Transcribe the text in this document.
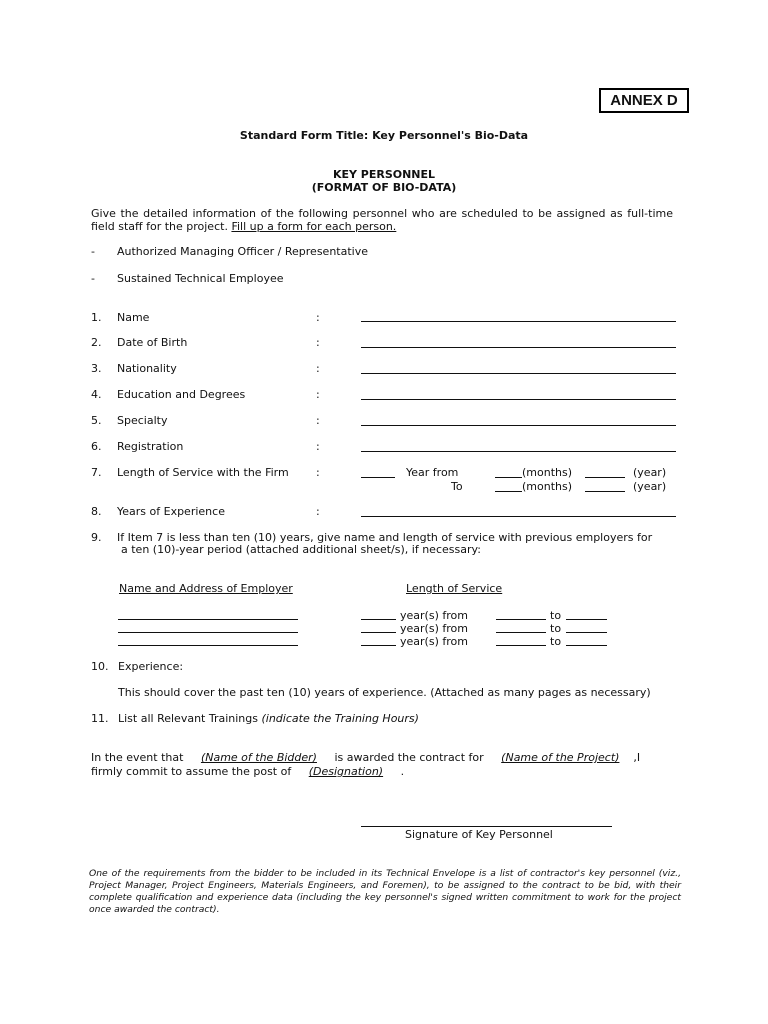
ANNEX D
Standard Form Title: Key Personnel's Bio-Data
KEY PERSONNEL
(FORMAT OF BIO-DATA)
Give the detailed information of the following personnel who are scheduled to be assigned as full-time field staff for the project. Fill up a form for each person.
- Authorized Managing Officer / Representative
- Sustained Technical Employee
1. Name	:
2. Date of Birth	:
3. Nationality	:
4. Education and Degrees	:
5. Specialty	:
6. Registration	:
7. Length of Service with the Firm :	Year from	(months)	(year)
To	(months)	(year)
8. Years of Experience	:
9. If Item 7 is less than ten (10) years, give name and length of service with previous employers for
a ten (10)-year period (attached additional sheet/s), if necessary:
Name and Address of Employer	Length of Service
year(s) from	to
year(s) from	to
year(s) from	to
10. Experience:
This should cover the past ten (10) years of experience. (Attached as many pages as necessary)
11. List all Relevant Trainings (indicate the Training Hours)
In the event that (Name of the Bidder) is awarded the contract for (Name of the Project) ,I
firmly commit to assume the post of (Designation) .
Signature of Key Personnel
One of the requirements from the bidder to be included in its Technical Envelope is a list of contractor's key personnel (viz., Project Manager, Project Engineers, Materials Engineers, and Foremen), to be assigned to the contract to be bid, with their complete qualification and experience data (including the key personnel's signed written commitment to work for the project once awarded the contract).
